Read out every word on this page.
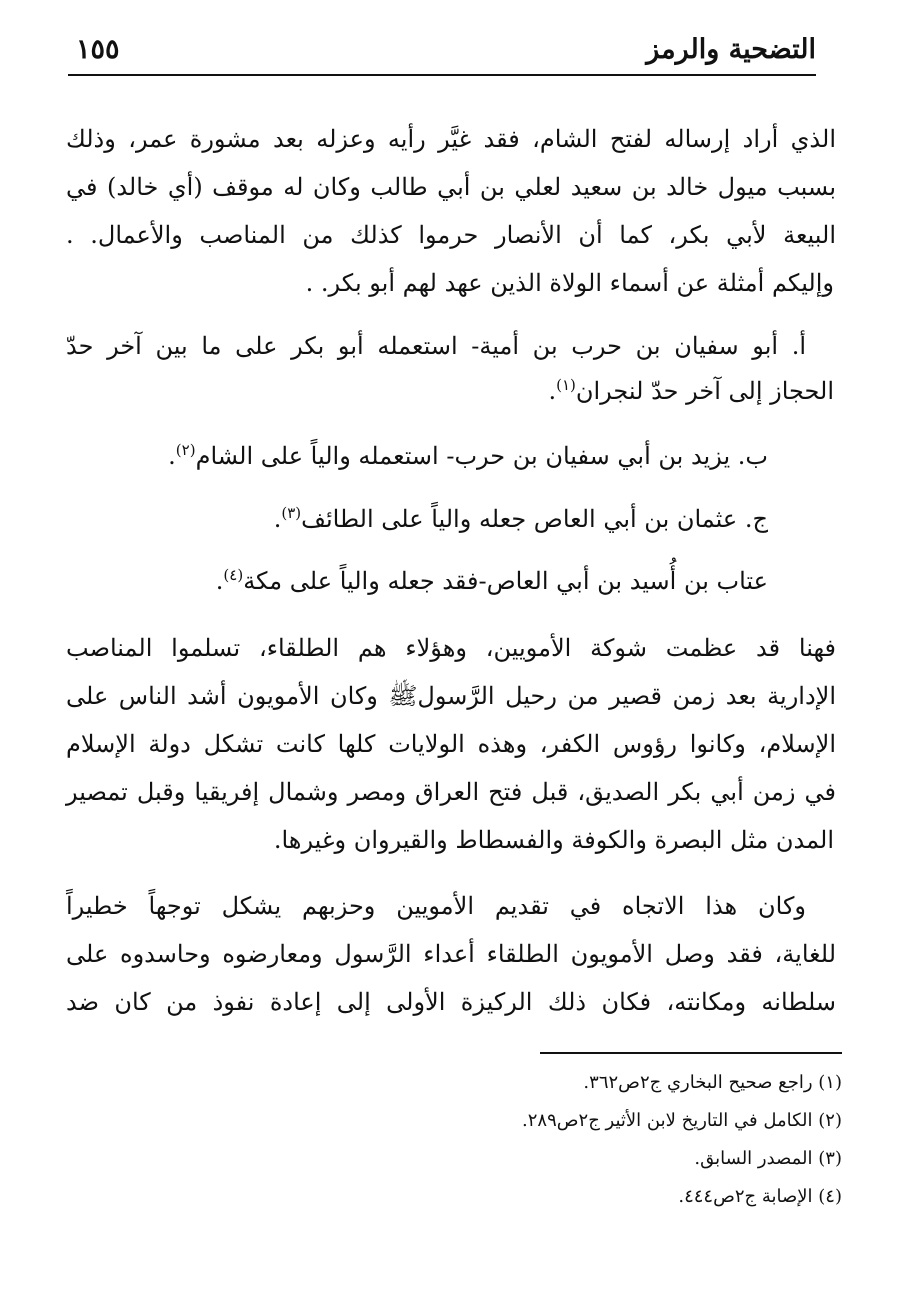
التضحية والرمز
١٥٥
الذي أراد إرساله لفتح الشام، فقد غيَّر رأيه وعزله بعد مشورة عمر، وذلك
بسبب ميول خالد بن سعيد لعلي بن أبي طالب وكان له موقف (أي خالد) في
البيعة لأبي بكر، كما أن الأنصار حرموا كذلك من المناصب والأعمال. .
وإليكم أمثلة عن أسماء الولاة الذين عهد لهم أبو بكر. .
أ. أبو سفيان بن حرب بن أمية- استعمله أبو بكر على ما بين آخر حدّ
الحجاز إلى آخر حدّ لنجران$^{(١)}$.
ب. يزيد بن أبي سفيان بن حرب- استعمله والياً على الشام$^{(٢)}$.
ج. عثمان بن أبي العاص جعله والياً على الطائف$^{(٣)}$.
عتاب بن أُسيد بن أبي العاص-فقد جعله والياً على مكة$^{(٤)}$.
فهنا قد عظمت شوكة الأمويين، وهؤلاء هم الطلقاء، تسلموا المناصب
الإدارية بعد زمن قصير من رحيل الرَّسولﷺ وكان الأمويون أشد الناس على
الإسلام، وكانوا رؤوس الكفر، وهذه الولايات كلها كانت تشكل دولة الإسلام
في زمن أبي بكر الصديق، قبل فتح العراق ومصر وشمال إفريقيا وقبل تمصير
المدن مثل البصرة والكوفة والفسطاط والقيروان وغيرها.
وكان هذا الاتجاه في تقديم الأمويين وحزبهم يشكل توجهاً خطيراً
للغاية، فقد وصل الأمويون الطلقاء أعداء الرَّسول ومعارضوه وحاسدوه على
سلطانه ومكانته، فكان ذلك الركيزة الأولى إلى إعادة نفوذ من كان ضد
(١) راجع صحيح البخاري ج٢ص٣٦٢.
(٢) الكامل في التاريخ لابن الأثير ج٢ص٢٨٩.
(٣) المصدر السابق.
(٤) الإصابة ج٢ص٤٤٤.
